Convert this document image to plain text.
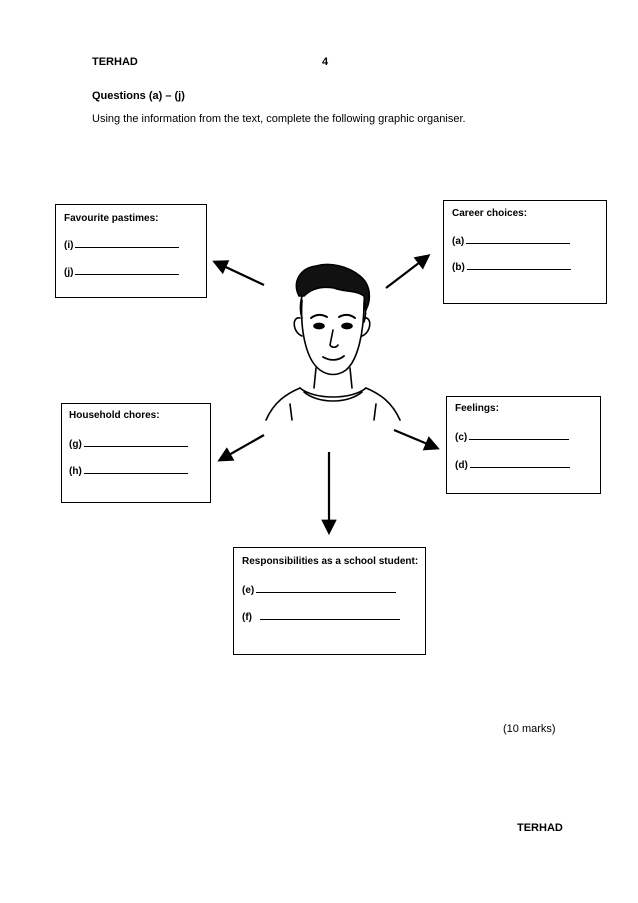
TERHAD	4
Questions (a) – (j)
Using the information from the text, complete the following graphic organiser.
Favourite pastimes:
(i)
(j)
Career choices:
(a)
(b)
Household chores:
(g)
(h)
Feelings:
(c)
(d)
Responsibilities as a school student:
(e)
(f)
(10 marks)
TERHAD
